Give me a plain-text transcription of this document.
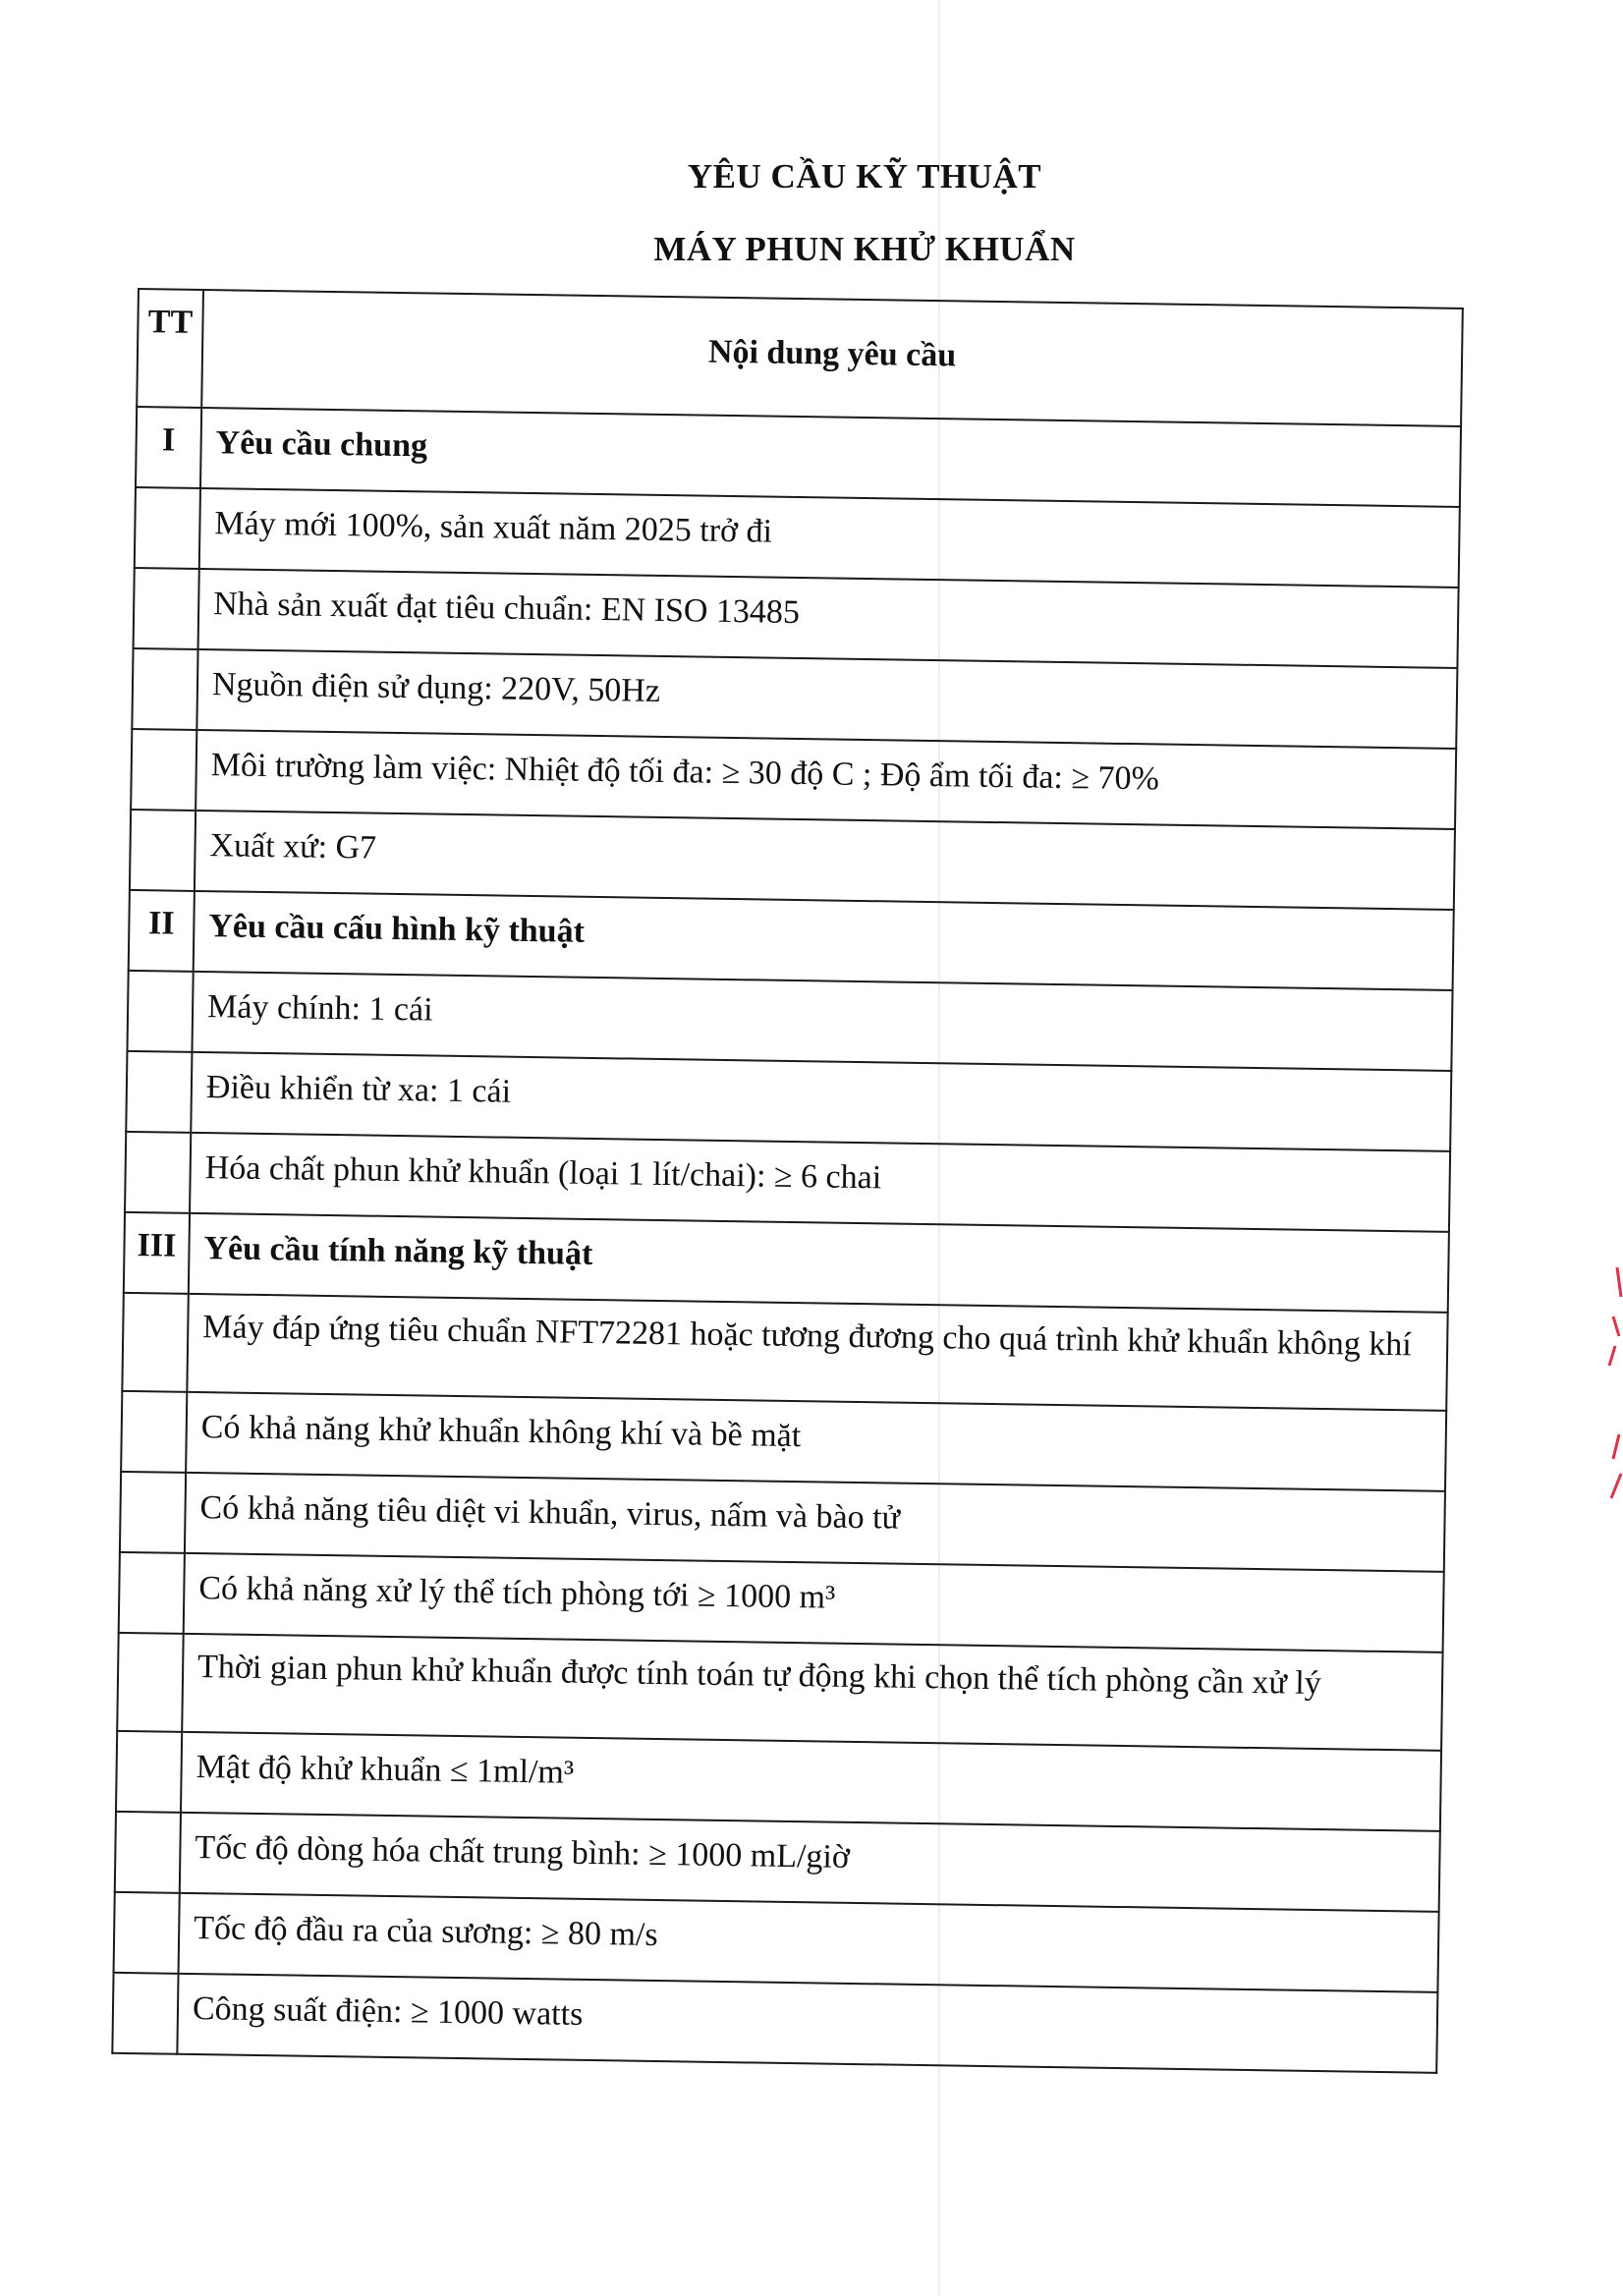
YÊU CẦU KỸ THUẬT
MÁY PHUN KHỬ KHUẨN
TT	Nội dung yêu cầu
I	Yêu cầu chung
	Máy mới 100%, sản xuất năm 2025 trở đi
	Nhà sản xuất đạt tiêu chuẩn: EN ISO 13485
	Nguồn điện sử dụng: 220V, 50Hz
	Môi trường làm việc: Nhiệt độ tối đa: ≥ 30 độ C ; Độ ẩm tối đa: ≥ 70%
	Xuất xứ: G7
II	Yêu cầu cấu hình kỹ thuật
	Máy chính: 1 cái
	Điều khiển từ xa: 1 cái
	Hóa chất phun khử khuẩn (loại 1 lít/chai): ≥ 6 chai
III	Yêu cầu tính năng kỹ thuật
	Máy đáp ứng tiêu chuẩn NFT72281 hoặc tương đương cho quá trình khử khuẩn không khí
	Có khả năng khử khuẩn không khí và bề mặt
	Có khả năng tiêu diệt vi khuẩn, virus, nấm và bào tử
	Có khả năng xử lý thể tích phòng tới ≥ 1000 m³
	Thời gian phun khử khuẩn được tính toán tự động khi chọn thể tích phòng cần xử lý
	Mật độ khử khuẩn ≤ 1ml/m³
	Tốc độ dòng hóa chất trung bình: ≥ 1000 mL/giờ
	Tốc độ đầu ra của sương: ≥ 80 m/s
	Công suất điện: ≥ 1000 watts
